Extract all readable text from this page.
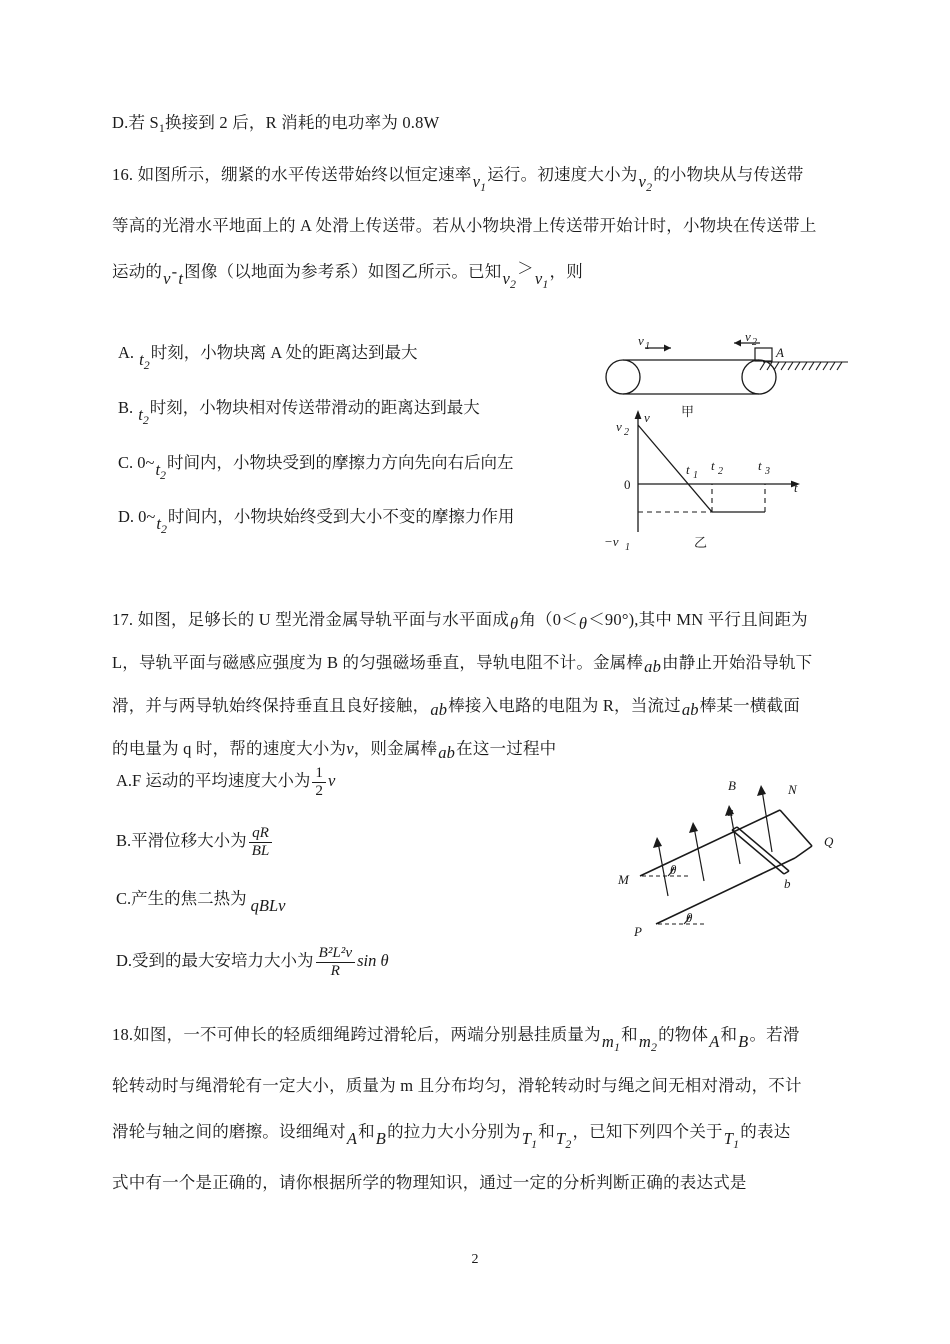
D.若 $S_1$换接到 2 后，R 消耗的电功率为 0.8W
16. 如图所示，绷紧的水平传送带始终以恒定速率$v_1$运行。初速度大小为$v_2$的小物块从与传送带
等高的光滑水平地面上的 A 处滑上传送带。若从小物块滑上传送带开始计时，小物块在传送带上
运动的v-t图像（以地面为参考系）如图乙所示。已知$v_2>v_1$，则
A. $t_2$时刻，小物块离 A 处的距离达到最大
B. $t_2$时刻，小物块相对传送带滑动的距离达到最大
C. $0\sim t_2$时间内，小物块受到的摩擦力方向先向右后向左
D. $0\sim t_2$时间内，小物块始终受到大小不变的摩擦力作用
A
v 1
v 2
甲
v
t
0
v 2
−v 1
t 1
t 2	t 3
乙
17. 如图，足够长的 U 型光滑金属导轨平面与水平面成θ角（0＜θ＜90°),其中 MN 平行且间距为
L，导轨平面与磁感应强度为 B 的匀强磁场垂直，导轨电阻不计。金属棒ab由静止开始沿导轨下
滑，并与两导轨始终保持垂直且良好接触，ab棒接入电路的电阻为 R，当流过ab棒某一横截面
的电量为 q 时，帮的速度大小为v，则金属棒ab在这一过程中
A.F 运动的平均速度大小为 $\frac{1}{2}$ v
B.平滑位移大小为 $\frac{qR}{BL}$
C.产生的焦二热为 qBLv
D.受到的最大安培力大小为 $\frac{\text{B²L²v}}{R}$ sin θ
B
M
N
P
Q
a
b
θ
θ
18.如图，一不可伸长的轻质细绳跨过滑轮后，两端分别悬挂质量为$m_1$和$m_2$的物体A和B。若滑
轮转动时与绳滑轮有一定大小，质量为 m 且分布均匀，滑轮转动时与绳之间无相对滑动，不计
滑轮与轴之间的磨擦。设细绳对A和B的拉力大小分别为$T_1$和$T_2$，已知下列四个关于$T_1$的表达
式中有一个是正确的，请你根据所学的物理知识，通过一定的分析判断正确的表达式是
2
